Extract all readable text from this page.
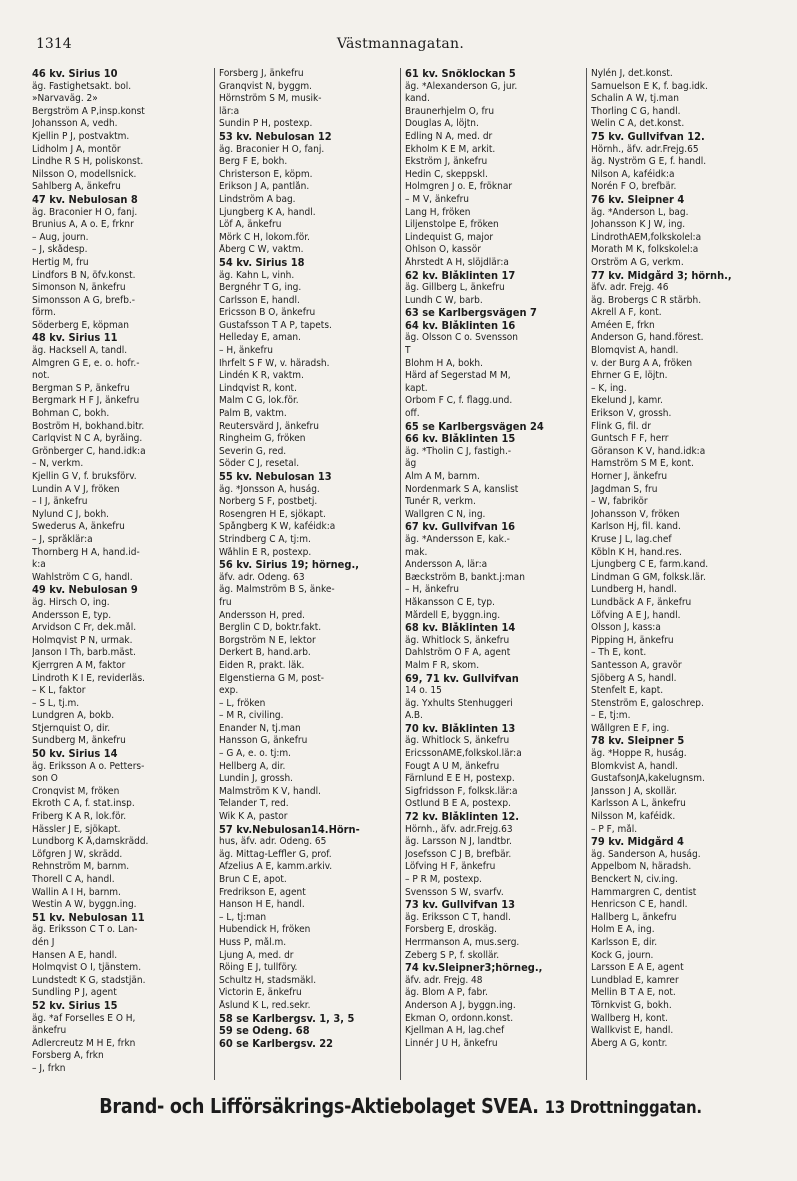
1314	Västmannagatan.
46 kv. Sirius 10
äg. Fastighetsakt. bol.
»Narvaväg. 2»
Bergström A P,insp.konst
Johansson A, vedh.
Kjellin P J, postvaktm.
Lidholm J A, montör
Lindhe R S H, poliskonst.
Nilsson O, modellsnick.
Sahlberg A, änkefru
47 kv. Nebulosan 8
äg. Braconier H O, fanj.
Brunius A, A o. E, frknr
– Aug, journ.
– J, skådesp.
Hertig M, fru
Lindfors B N, öfv.konst.
Simonson N, änkefru
Simonsson A G, brefb.-
förm.
Söderberg E, köpman
48 kv. Sirius 11
äg. Hacksell A, tandl.
Almgren G E, e. o. hofr.-
not.
Bergman S P, änkefru
Bergmark H F J, änkefru
Bohman C, bokh.
Boström H, bokhand.bitr.
Carlqvist N C A, byråing.
Grönberger C, hand.idk:a
– N, verkm.
Kjellin G V, f. bruksförv.
Lundin A V J, fröken
– I J, änkefru
Nylund C J, bokh.
Swederus A, änkefru
– J, språklär:a
Thornberg H A, hand.id-
k:a
Wahlström C G, handl.
49 kv. Nebulosan 9
äg. Hirsch O, ing.
Andersson E, typ.
Arvidson C Fr, dek.mål.
Holmqvist P N, urmak.
Janson I Th, barb.mäst.
Kjerrgren A M, faktor
Lindroth K I E, reviderläs.
– K L, faktor
– S L, tj.m.
Lundgren A, bokb.
Stjernquist O, dir.
Sundberg M, änkefru
50 kv. Sirius 14
äg. Eriksson A o. Petters-
son O
Cronqvist M, fröken
Ekroth C A, f. stat.insp.
Friberg K A R, lok.för.
Hässler J E, sjökapt.
Lundborg K Å,damskrädd.
Löfgren J W, skrädd.
Rehnström M, barnm.
Thorell C A, handl.
Wallin A I H, barnm.
Westin A W, byggn.ing.
51 kv. Nebulosan 11
äg. Eriksson C T o. Lan-
dén J
Hansen A E, handl.
Holmqvist O I, tjänstem.
Lundstedt K G, stadstjän.
Sundling P J, agent
52 kv. Sirius 15
äg. *af Forselles E O H,
änkefru
Adlercreutz M H E, frkn
Forsberg A, frkn
– J, frkn
Forsberg J, änkefru
Granqvist N, byggm.
Hörnström S M, musik-
lär:a
Sundin P H, postexp.
53 kv. Nebulosan 12
äg. Braconier H O, fanj.
Berg F E, bokh.
Christerson E, köpm.
Erikson J A, pantlån.
Lindström A bag.
Ljungberg K A, handl.
Löf A, änkefru
Mörk C H, lokom.för.
Åberg C W, vaktm.
54 kv. Sirius 18
äg. Kahn L, vinh.
Bergnéhr T G, ing.
Carlsson E, handl.
Ericsson B O, änkefru
Gustafsson T A P, tapets.
Helleday E, aman.
– H, änkefru
Ihrfelt S F W, v. häradsh.
Lindén K R, vaktm.
Lindqvist R, kont.
Malm C G, lok.för.
Palm B, vaktm.
Reutersvärd J, änkefru
Ringheim G, fröken
Severin G, red.
Söder C J, resetal.
55 kv. Nebulosan 13
äg. *Jonsson A, huság.
Norberg S F, postbetj.
Rosengren H E, sjökapt.
Spångberg K W, kaféidk:a
Strindberg C A, tj:m.
Wåhlin E R, postexp.
56 kv. Sirius 19; hörneg.,
äfv. adr. Odeng. 63
äg. Malmström B S, änke-
fru
Andersson H, pred.
Berglin C D, boktr.fakt.
Borgström N E, lektor
Derkert B, hand.arb.
Eiden R, prakt. läk.
Elgenstierna G M, post-
exp.
– L, fröken
– M R, civiling.
Enander N, tj.man
Hansson G, änkefru
– G A, e. o. tj:m.
Hellberg A, dir.
Lundin J, grossh.
Malmström K V, handl.
Telander T, red.
Wik K A, pastor
57 kv.Nebulosan14.Hörn-
hus, äfv. adr. Odeng. 65
äg. Mittag-Leffler G, prof.
Afzelius A E, kamm.arkiv.
Brun C E, apot.
Fredrikson E, agent
Hanson H E, handl.
– L, tj:man
Hubendick H, fröken
Huss P, mål.m.
Ljung A, med. dr
Röing E J, tullföry.
Schultz H, stadsmäkl.
Victorin E, änkefru
Åslund K L, red.sekr.
58 se Karlbergsv. 1, 3, 5
59 se Odeng. 68
60 se Karlbergsv. 22
61 kv. Snöklockan 5
äg. *Alexanderson G, jur.
kand.
Braunerhjelm O, fru
Douglas A, löjtn.
Edling N A, med. dr
Ekholm K E M, arkit.
Ekström J, änkefru
Hedin C, skeppskl.
Holmgren J o. E, fröknar
– M V, änkefru
Lang H, fröken
Liljenstolpe E, fröken
Lindequist G, major
Ohlson O, kassör
Åhrstedt A H, slöjdlär:a
62 kv. Blåklinten 17
äg. Gillberg L, änkefru
Lundh C W, barb.
63 se Karlbergsvägen 7
64 kv. Blåklinten 16
äg. Olsson C o. Svensson
T
Blohm H A, bokh.
Härd af Segerstad M M,
kapt.
Örbom F C, f. flagg.und.
off.
65 se Karlbergsvägen 24
66 kv. Blåklinten 15
äg. *Tholin C J, fastigh.-
äg
Alm A M, barnm.
Nordenmark S A, kanslist
Tunér R, verkm.
Wallgren C N, ing.
67 kv. Gullvifvan 16
äg. *Andersson E, kak.-
mak.
Andersson A, lär:a
Bæckström B, bankt.j:man
– H, änkefru
Håkansson C E, typ.
Mårdell E, byggn.ing.
68 kv. Blåklinten 14
äg. Whitlock S, änkefru
Dahlström O F A, agent
Malm F R, skom.
69, 71 kv. Gullvifvan
14 o. 15
äg. Yxhults Stenhuggeri
A.B.
70 kv. Blåklinten 13
äg. Whitlock S, änkefru
EricssonAME,folkskol.lär:a
Fougt A U M, änkefru
Färnlund E E H, postexp.
Sigfridsson F, folksk.lär:a
Östlund B E A, postexp.
72 kv. Blåklinten 12.
Hörnh., äfv. adr.Frejg.63
äg. Larsson N J, landtbr.
Josefsson C J B, brefbär.
Löfving H F, änkefru
– P R M, postexp.
Svensson S W, svarfv.
73 kv. Gullvifvan 13
äg. Eriksson C T, handl.
Forsberg E, droskäg.
Herrmanson A, mus.serg.
Zeberg S P, f. skollär.
74 kv.Sleipner3;hörneg.,
äfv. adr. Frejg. 48
äg. Blom A P, fabr.
Anderson A J, byggn.ing.
Ekman O, ordonn.konst.
Kjellman A H, lag.chef
Linnér J U H, änkefru
Nylén J, det.konst.
Samuelson E K, f. bag.idk.
Schalin A W, tj.man
Thorling C G, handl.
Welin C A, det.konst.
75 kv. Gullvifvan 12.
Hörnh., äfv. adr.Frejg.65
äg. Nyström G E, f. handl.
Nilson A, kaféidk:a
Norén F O, brefbär.
76 kv. Sleipner 4
äg. *Anderson L, bag.
Johansson K J W, ing.
LindrothAEM,folkskolel:a
Morath M K, folkskolel:a
Örström A G, verkm.
77 kv. Midgård 3; hörnh.,
äfv. adr. Frejg. 46
äg. Brobergs C R stärbh.
Akrell A F, kont.
Améen E, frkn
Anderson G, hand.förest.
Blomqvist A, handl.
v. der Burg A A, fröken
Ehrner G E, löjtn.
– K, ing.
Ekelund J, kamr.
Erikson V, grossh.
Flink G, fil. dr
Guntsch F F, herr
Göranson K V, hand.idk:a
Hamström S M E, kont.
Horner J, änkefru
Jagdman S, fru
– W, fabrikör
Johansson V, fröken
Karlson Hj, fil. kand.
Kruse J L, lag.chef
Köbln K H, hand.res.
Ljungberg C E, farm.kand.
Lindman G GM, folksk.lär.
Lundberg H, handl.
Lundbäck A F, änkefru
Löfving A E J, handl.
Olsson J, kass:a
Pipping H, änkefru
– Th E, kont.
Santesson A, gravör
Sjöberg A S, handl.
Stenfelt E, kapt.
Stenström E, galoschrep.
– E, tj:m.
Wållgren E F, ing.
78 kv. Sleipner 5
äg. *Hoppe R, huság.
Blomkvist A, handl.
GustafsonJA,kakelugnsm.
Jansson J A, skollär.
Karlsson A L, änkefru
Nilsson M, kaféidk.
– P F, mål.
79 kv. Midgård 4
äg. Sanderson A, huság.
Appelbom N, häradsh.
Benckert N, civ.ing.
Hammargren C, dentist
Henricson C E, handl.
Hallberg L, änkefru
Holm E A, ing.
Karlsson E, dir.
Kock G, journ.
Larsson E A E, agent
Lundblad E, kamrer
Mellin B T A E, not.
Törnkvist G, bokh.
Wallberg H, kont.
Wallkvist E, handl.
Åberg A G, kontr.
Brand- och Lifförsäkrings-Aktiebolaget SVEA. 13 Drottninggatan.
